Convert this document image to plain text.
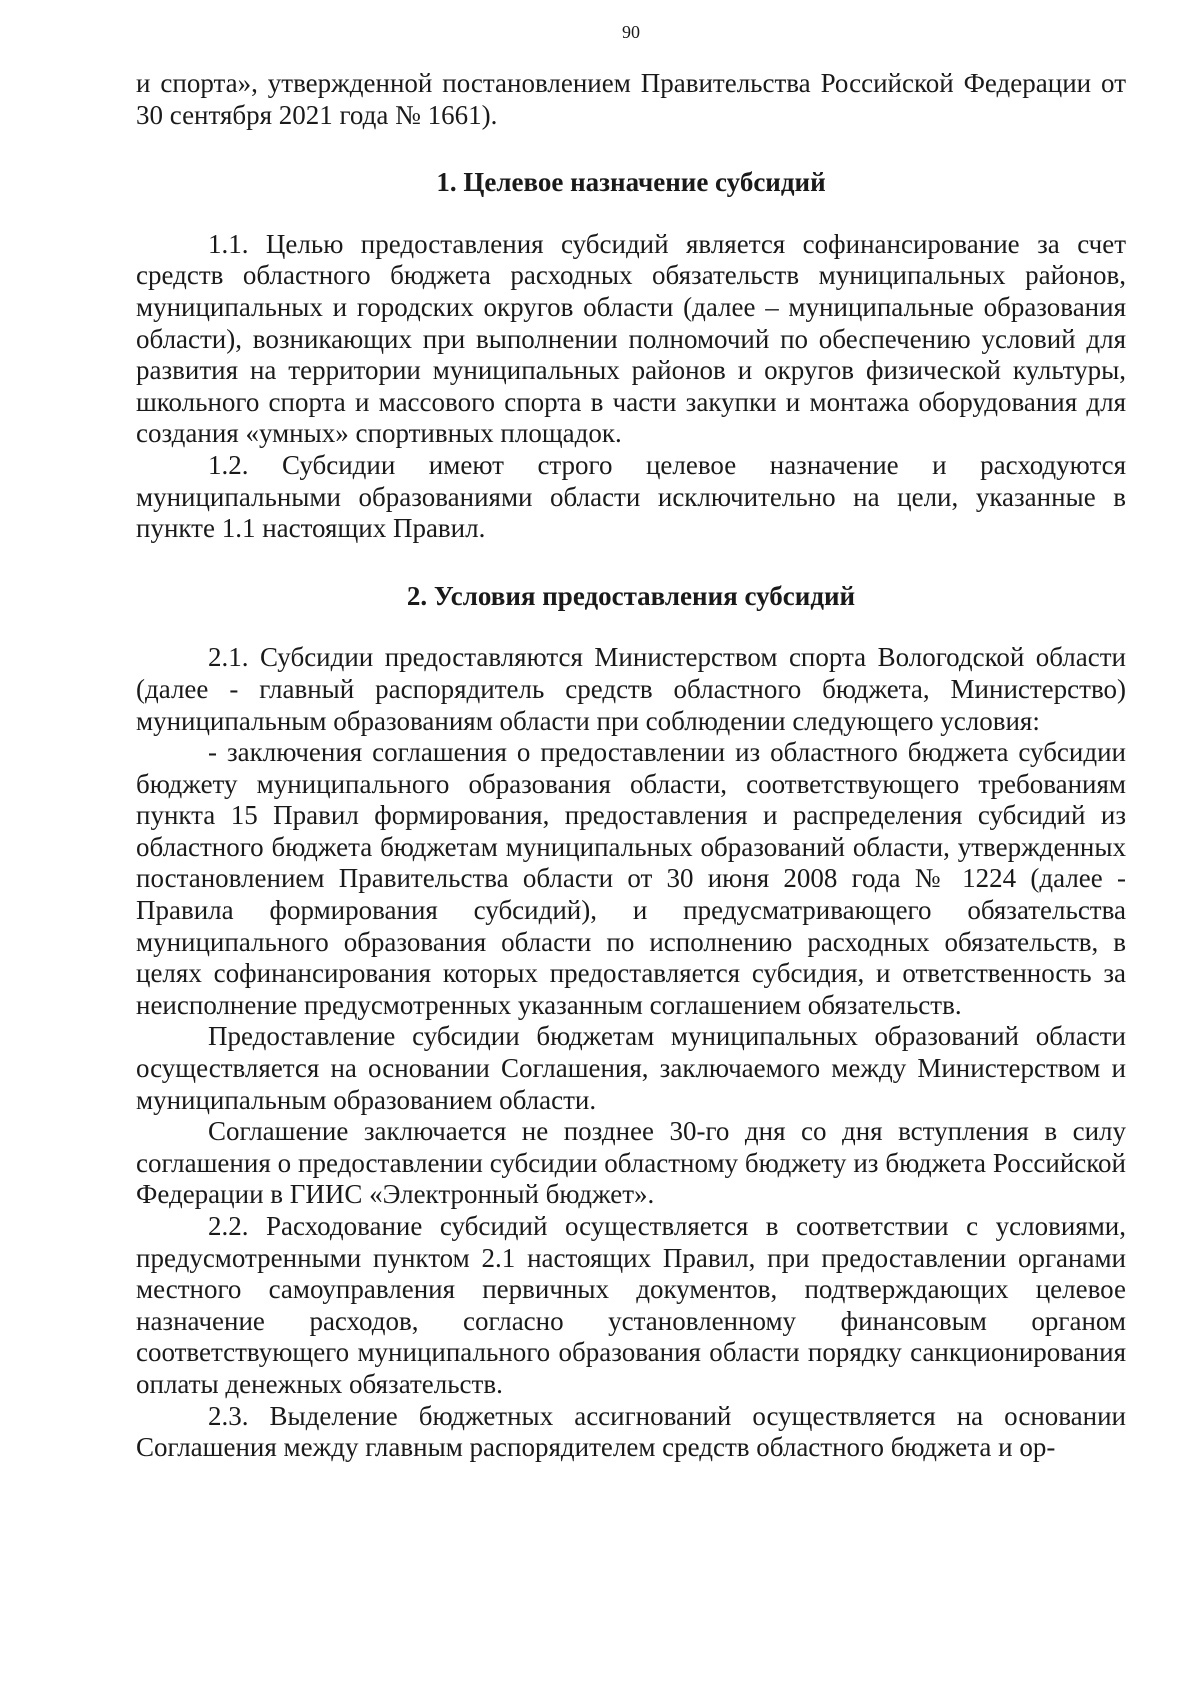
90

и спорта», утвержденной постановлением Правительства Российской Федерации от 30 сентября 2021 года № 1661).

1. Целевое назначение субсидий

1.1. Целью предоставления субсидий является софинансирование за счет средств областного бюджета расходных обязательств муниципальных районов, муниципальных и городских округов области (далее – муниципальные образования области), возникающих при выполнении полномочий по обеспечению условий для развития на территории муниципальных районов и округов физической культуры, школьного спорта и массового спорта в части закупки и монтажа оборудования для создания «умных» спортивных площадок.

1.2. Субсидии имеют строго целевое назначение и расходуются муниципальными образованиями области исключительно на цели, указанные в пункте 1.1 настоящих Правил.

2. Условия предоставления субсидий

2.1. Субсидии предоставляются Министерством спорта Вологодской области (далее - главный распорядитель средств областного бюджета, Министерство) муниципальным образованиям области при соблюдении следующего условия:

- заключения соглашения о предоставлении из областного бюджета субсидии бюджету муниципального образования области, соответствующего требованиям пункта 15 Правил формирования, предоставления и распределения субсидий из областного бюджета бюджетам муниципальных образований области, утвержденных постановлением Правительства области от 30 июня 2008 года № 1224 (далее - Правила формирования субсидий), и предусматривающего обязательства муниципального образования области по исполнению расходных обязательств, в целях софинансирования которых предоставляется субсидия, и ответственность за неисполнение предусмотренных указанным соглашением обязательств.

Предоставление субсидии бюджетам муниципальных образований области осуществляется на основании Соглашения, заключаемого между Министерством и муниципальным образованием области.

Соглашение заключается не позднее 30-го дня со дня вступления в силу соглашения о предоставлении субсидии областному бюджету из бюджета Российской Федерации в ГИИС «Электронный бюджет».

2.2. Расходование субсидий осуществляется в соответствии с условиями, предусмотренными пунктом 2.1 настоящих Правил, при предоставлении органами местного самоуправления первичных документов, подтверждающих целевое назначение расходов, согласно установленному финансовым органом соответствующего муниципального образования области порядку санкционирования оплаты денежных обязательств.

2.3. Выделение бюджетных ассигнований осуществляется на основании Соглашения между главным распорядителем средств областного бюджета и ор-
